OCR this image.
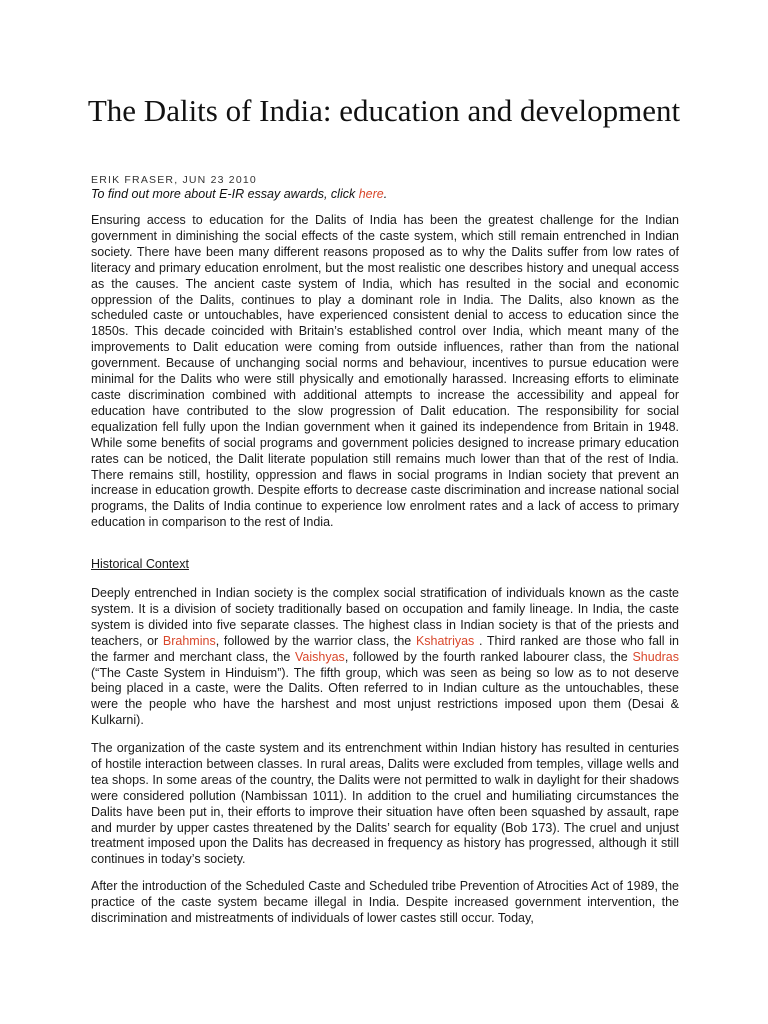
The Dalits of India: education and development
ERIK FRASER, JUN 23 2010
To find out more about E-IR essay awards, click here.

Ensuring access to education for the Dalits of India has been the greatest challenge for the Indian government in diminishing the social effects of the caste system, which still remain entrenched in Indian society. There have been many different reasons proposed as to why the Dalits suffer from low rates of literacy and primary education enrolment, but the most realistic one describes history and unequal access as the causes. The ancient caste system of India, which has resulted in the social and economic oppression of the Dalits, continues to play a dominant role in India. The Dalits, also known as the scheduled caste or untouchables, have experienced consistent denial to access to education since the 1850s. This decade coincided with Britain’s established control over India, which meant many of the improvements to Dalit education were coming from outside influences, rather than from the national government. Because of unchanging social norms and behaviour, incentives to pursue education were minimal for the Dalits who were still physically and emotionally harassed. Increasing efforts to eliminate caste discrimination combined with additional attempts to increase the accessibility and appeal for education have contributed to the slow progression of Dalit education. The responsibility for social equalization fell fully upon the Indian government when it gained its independence from Britain in 1948. While some benefits of social programs and government policies designed to increase primary education rates can be noticed, the Dalit literate population still remains much lower than that of the rest of India. There remains still, hostility, oppression and flaws in social programs in Indian society that prevent an increase in education growth. Despite efforts to decrease caste discrimination and increase national social programs, the Dalits of India continue to experience low enrolment rates and a lack of access to primary education in comparison to the rest of India.

Historical Context

Deeply entrenched in Indian society is the complex social stratification of individuals known as the caste system. It is a division of society traditionally based on occupation and family lineage. In India, the caste system is divided into five separate classes. The highest class in Indian society is that of the priests and teachers, or Brahmins, followed by the warrior class, the Kshatriyas . Third ranked are those who fall in the farmer and merchant class, the Vaishyas, followed by the fourth ranked labourer class, the Shudras (“The Caste System in Hinduism”). The fifth group, which was seen as being so low as to not deserve being placed in a caste, were the Dalits. Often referred to in Indian culture as the untouchables, these were the people who have the harshest and most unjust restrictions imposed upon them (Desai & Kulkarni).

The organization of the caste system and its entrenchment within Indian history has resulted in centuries of hostile interaction between classes. In rural areas, Dalits were excluded from temples, village wells and tea shops. In some areas of the country, the Dalits were not permitted to walk in daylight for their shadows were considered pollution (Nambissan 1011). In addition to the cruel and humiliating circumstances the Dalits have been put in, their efforts to improve their situation have often been squashed by assault, rape and murder by upper castes threatened by the Dalits’ search for equality (Bob 173). The cruel and unjust treatment imposed upon the Dalits has decreased in frequency as history has progressed, although it still continues in today’s society.

After the introduction of the Scheduled Caste and Scheduled tribe Prevention of Atrocities Act of 1989, the practice of the caste system became illegal in India. Despite increased government intervention, the discrimination and mistreatments of individuals of lower castes still occur. Today,
